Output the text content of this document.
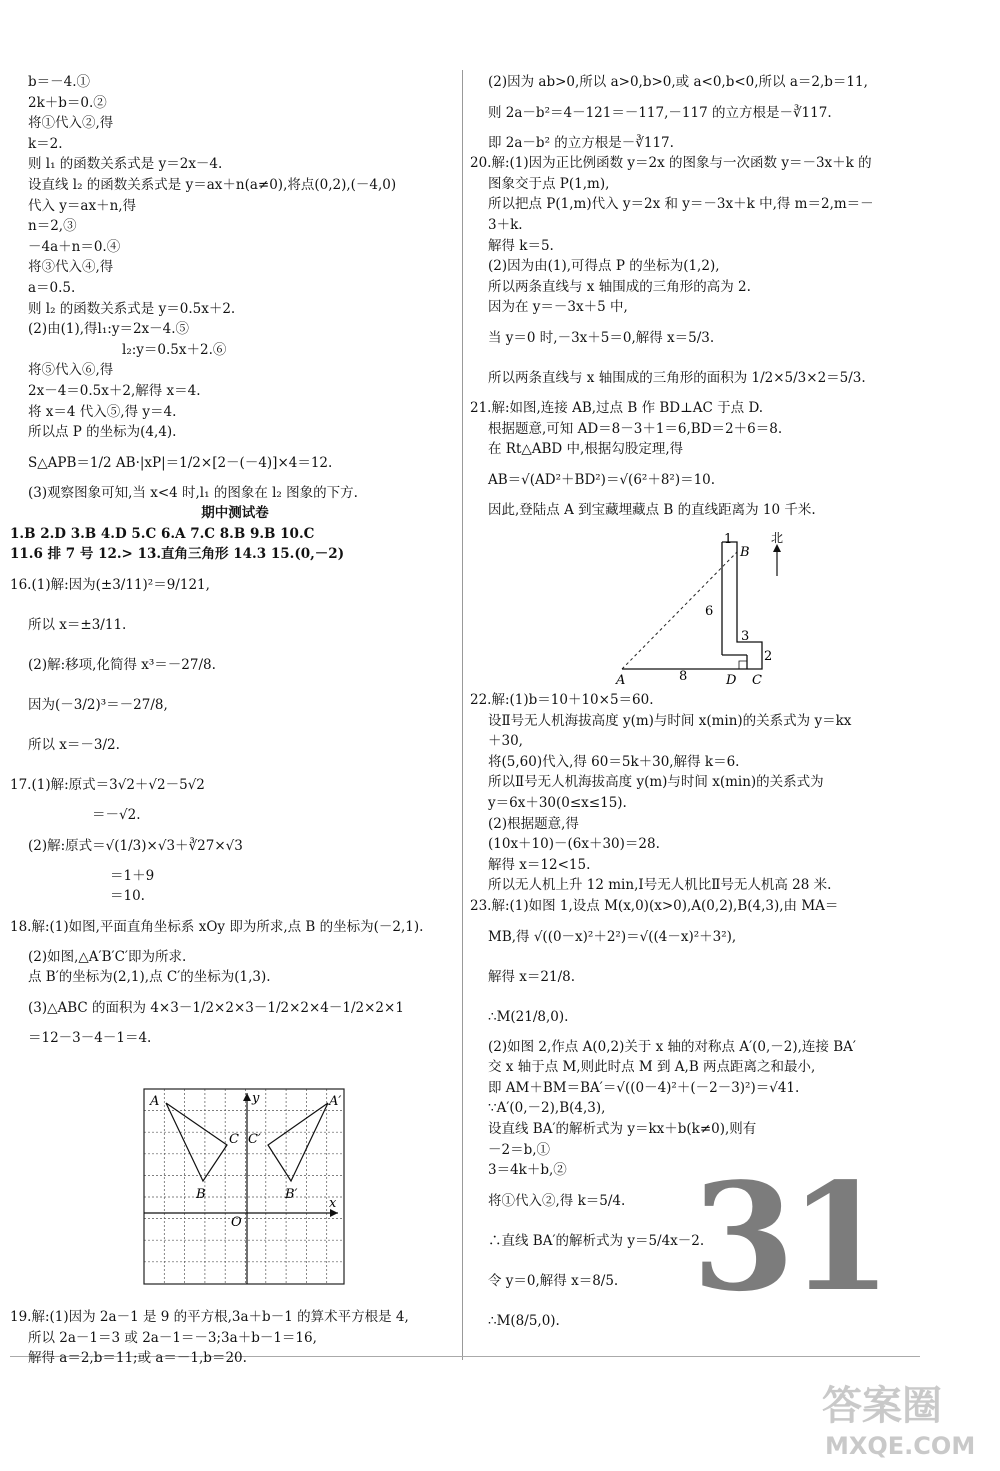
b＝－4.①
2k＋b＝0.②
将①代入②,得
k＝2.
则 l₁ 的函数关系式是 y＝2x－4.
设直线 l₂ 的函数关系式是 y＝ax＋n(a≠0),将点(0,2),(－4,0)
代入 y＝ax＋n,得
n＝2,③
－4a＋n＝0.④
将③代入④,得
a＝0.5.
则 l₂ 的函数关系式是 y＝0.5x＋2.
(2)由(1),得l₁:y＝2x－4.⑤
l₂:y＝0.5x＋2.⑥
将⑤代入⑥,得
2x－4＝0.5x＋2,解得 x＝4.
将 x＝4 代入⑤,得 y＝4.
所以点 P 的坐标为(4,4).
S△APB＝1/2 AB·|xP|＝1/2×[2－(－4)]×4＝12.
(3)观察图象可知,当 x<4 时,l₁ 的图象在 l₂ 图象的下方.
期中测试卷
1.B 2.D 3.B 4.D 5.C 6.A 7.C 8.B 9.B 10.C
11.6 排 7 号 12.> 13.直角三角形 14.3 15.(0,－2)
16.(1)解:因为(±3/11)²＝9/121,
所以 x＝±3/11.
(2)解:移项,化简得 x³＝－27/8.
因为(－3/2)³＝－27/8,
所以 x＝－3/2.
17.(1)解:原式＝3√2＋√2－5√2
＝－√2.
(2)解:原式＝√(1/3)×√3＋∛27×√3
＝1＋9
＝10.
18.解:(1)如图,平面直角坐标系 xOy 即为所求,点 B 的坐标为(－2,1).
(2)如图,△A′B′C′即为所求.
点 B′的坐标为(2,1),点 C′的坐标为(1,3).
(3)△ABC 的面积为 4×3－1/2×2×3－1/2×2×4－1/2×2×1
＝12－3－4－1＝4.
A	A′
B	B′
C C′
O
x
y
19.解:(1)因为 2a－1 是 9 的平方根,3a＋b－1 的算术平方根是 4,
所以 2a－1＝3 或 2a－1＝－3;3a＋b－1＝16,
解得 a＝2,b＝11;或 a＝－1,b＝20.
(2)因为 ab>0,所以 a>0,b>0,或 a<0,b<0,所以 a＝2,b＝11,
则 2a－b²＝4－121＝－117,－117 的立方根是－∛117.
即 2a－b² 的立方根是－∛117.
20.解:(1)因为正比例函数 y＝2x 的图象与一次函数 y＝－3x＋k 的
图象交于点 P(1,m),
所以把点 P(1,m)代入 y＝2x 和 y＝－3x＋k 中,得 m＝2,m＝－
3＋k.
解得 k＝5.
(2)因为由(1),可得点 P 的坐标为(1,2),
所以两条直线与 x 轴围成的三角形的高为 2.
因为在 y＝－3x＋5 中,
当 y＝0 时,－3x＋5＝0,解得 x＝5/3.
所以两条直线与 x 轴围成的三角形的面积为 1/2×5/3×2＝5/3.
21.解:如图,连接 AB,过点 B 作 BD⊥AC 于点 D.
根据题意,可知 AD＝8－3＋1＝6,BD＝2＋6＝8.
在 Rt△ABD 中,根据勾股定理,得
AB＝√(AD²＋BD²)＝√(6²＋8²)＝10.
因此,登陆点 A 到宝藏埋藏点 B 的直线距离为 10 千米.
1
B
北
6
3
2
A	8	D C
22.解:(1)b＝10＋10×5＝60.
设Ⅱ号无人机海拔高度 y(m)与时间 x(min)的关系式为 y＝kx
＋30,
将(5,60)代入,得 60＝5k＋30,解得 k＝6.
所以Ⅱ号无人机海拔高度 y(m)与时间 x(min)的关系式为
y＝6x＋30(0≤x≤15).
(2)根据题意,得
(10x＋10)－(6x＋30)＝28.
解得 x＝12<15.
所以无人机上升 12 min,Ⅰ号无人机比Ⅱ号无人机高 28 米.
23.解:(1)如图 1,设点 M(x,0)(x>0),A(0,2),B(4,3),由 MA＝
MB,得 √((0－x)²＋2²)＝√((4－x)²＋3²),
解得 x＝21/8.
∴M(21/8,0).
(2)如图 2,作点 A(0,2)关于 x 轴的对称点 A′(0,－2),连接 BA′
交 x 轴于点 M,则此时点 M 到 A,B 两点距离之和最小,
即 AM＋BM＝BA′＝√((0－4)²＋(－2－3)²)＝√41.
∵A′(0,－2),B(4,3),
设直线 BA′的解析式为 y＝kx＋b(k≠0),则有
－2＝b,①
3＝4k＋b,②
将①代入②,得 k＝5/4.
∴直线 BA′的解析式为 y＝5/4x－2.
令 y＝0,解得 x＝8/5.
∴M(8/5,0). 31
答案圈
MXQE.COM
